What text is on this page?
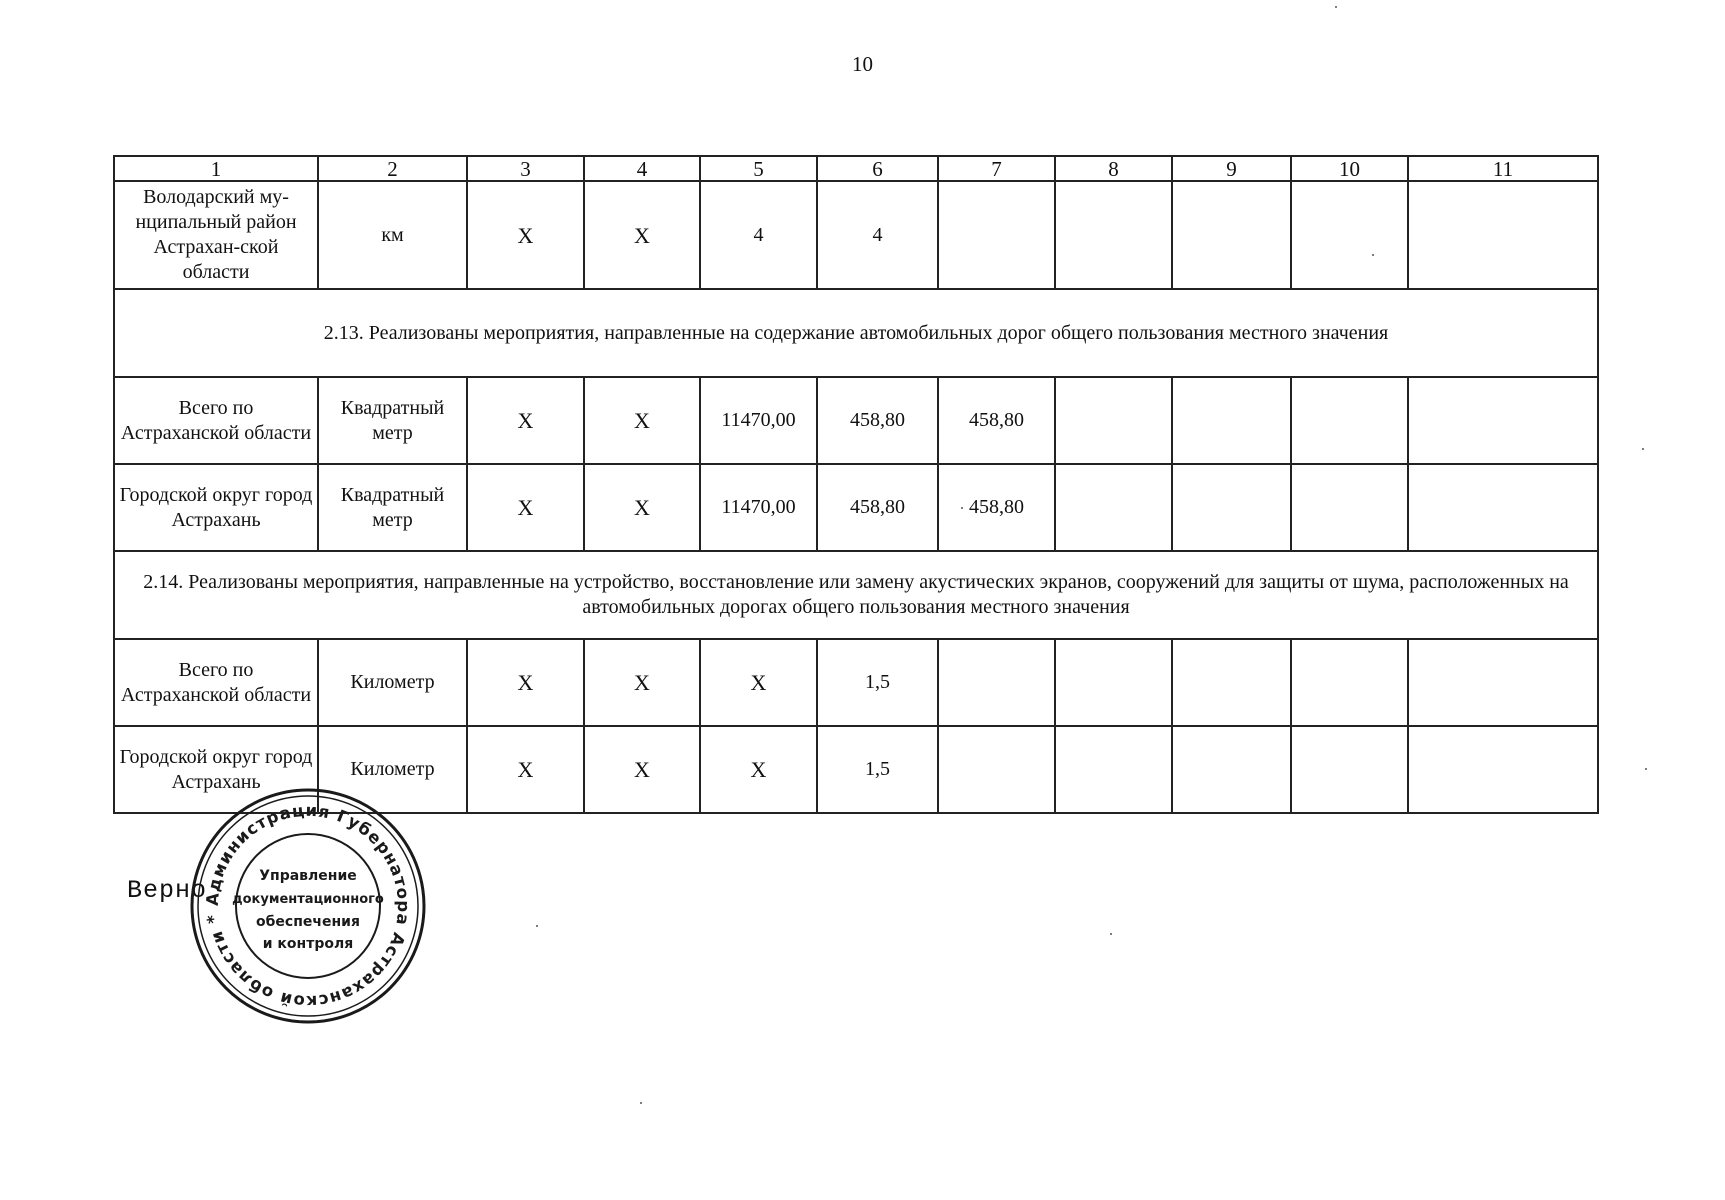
10
1	2	3	4	5	6	7	8	9	10	11
Володарский му-нципальный район Астрахан-ской области	км	X	X	4	4					
2.13. Реализованы мероприятия, направленные на содержание автомобильных дорог общего пользования местного значения										
Всего по Астраханской области	Квадратный метр	X	X	11470,00	458,80	458,80				
Городской округ город Астрахань	Квадратный метр	X	X	11470,00	458,80	458,80				
2.14. Реализованы мероприятия, направленные на устройство, восстановление или замену акустических экранов, сооружений для защиты от шума, расположенных на автомобильных дорогах общего пользования местного значения										
Всего по Астраханской области	Километр	X	X	X	1,5					
Городской округ город Астрахань	Километр	X	X	X	1,5					
Верно
Администрация Губернатора Астраханской области *
Управление
документационного
обеспечения
и контроля
